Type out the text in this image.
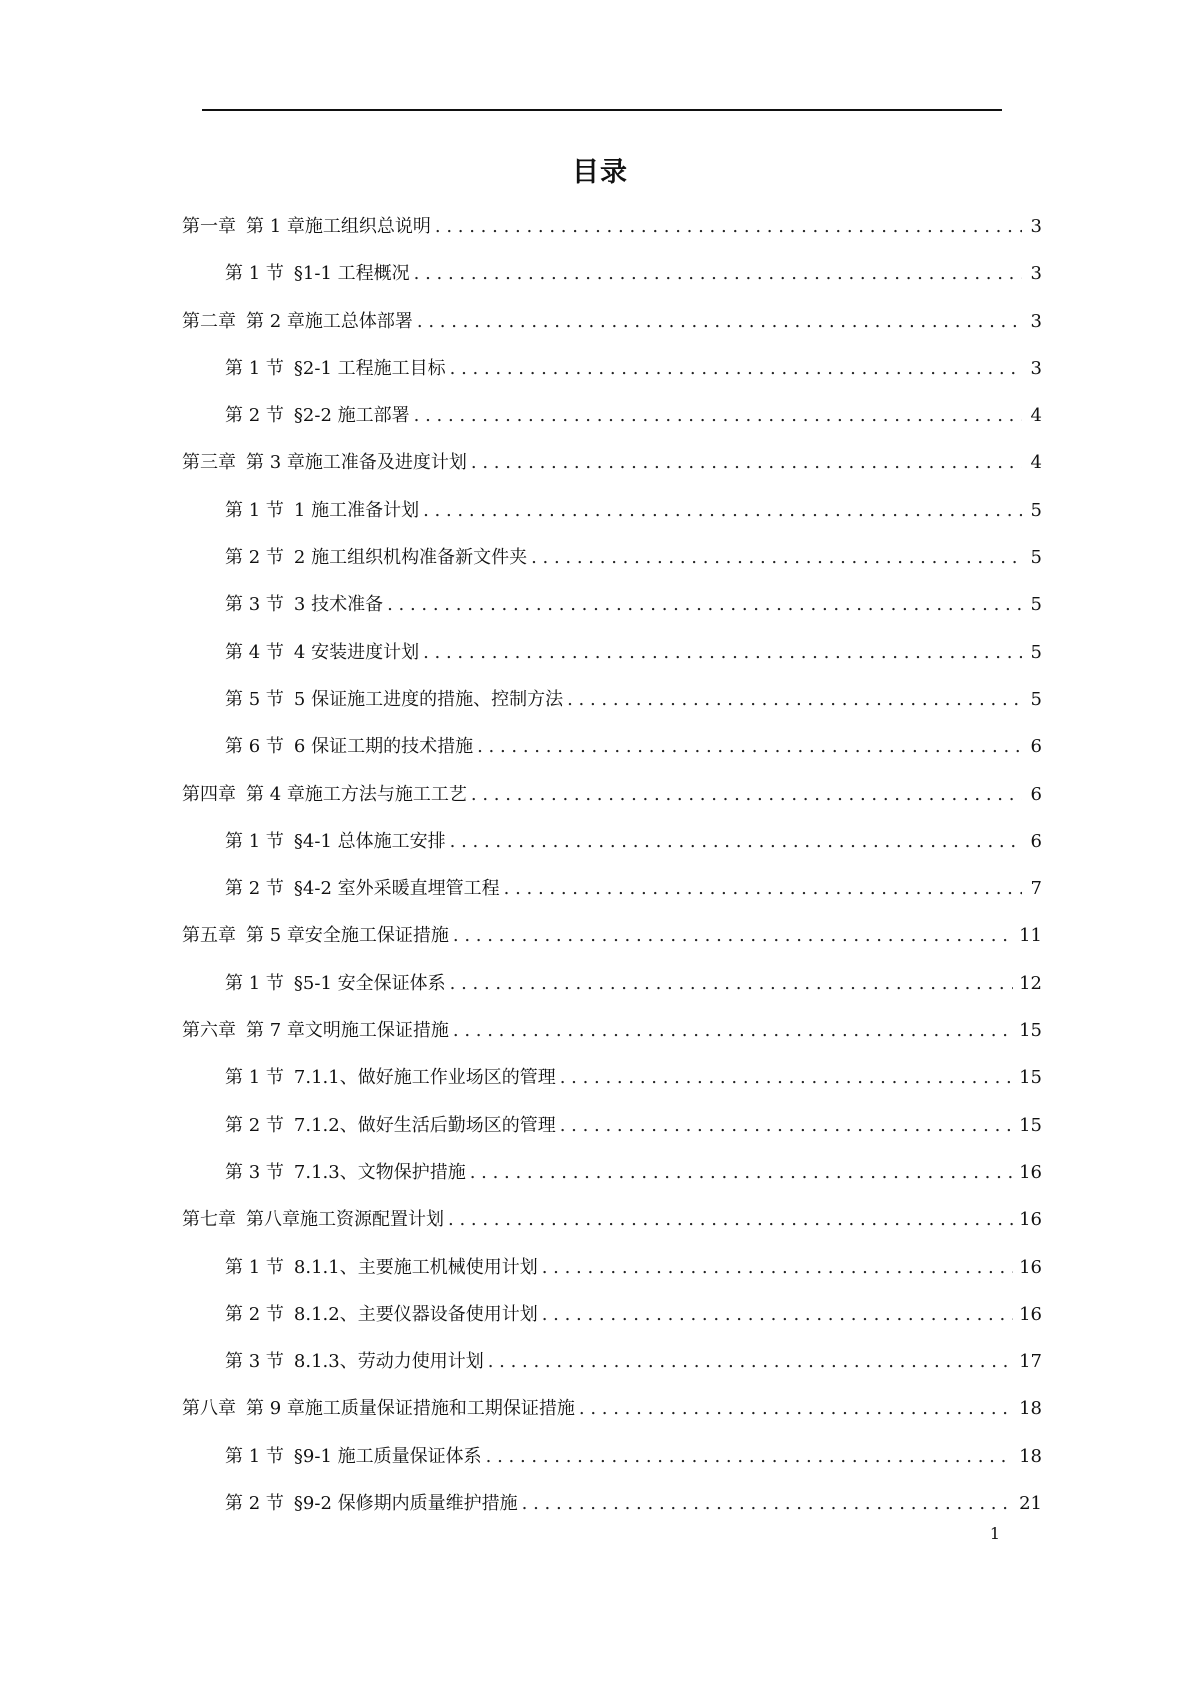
目录
第一章 第 1 章施工组织总说明 . . .	3
第 1 节 §1-1 工程概况 . . .	3
第二章 第 2 章施工总体部署 . . .	3
第 1 节 §2-1 工程施工目标 . . .	3
第 2 节 §2-2 施工部署 . . .	4
第三章 第 3 章施工准备及进度计划 . . .	4
第 1 节 1 施工准备计划 . . .	5
第 2 节 2 施工组织机构准备新文件夹 . . .	5
第 3 节 3 技术准备 . . .	5
第 4 节 4 安装进度计划 . . .	5
第 5 节 5 保证施工进度的措施、控制方法 . . .	5
第 6 节 6 保证工期的技术措施 . . .	6
第四章 第 4 章施工方法与施工工艺 . . .	6
第 1 节 §4-1 总体施工安排 . . .	6
第 2 节 §4-2 室外采暖直埋管工程 . . .	7
第五章 第 5 章安全施工保证措施 . . .	11
第 1 节 §5-1 安全保证体系 . . .	12
第六章 第 7 章文明施工保证措施 . . .	15
第 1 节 7.1.1、做好施工作业场区的管理 . . .	15
第 2 节 7.1.2、做好生活后勤场区的管理 . . .	15
第 3 节 7.1.3、文物保护措施 . . .	16
第七章 第八章施工资源配置计划 . . .	16
第 1 节 8.1.1、主要施工机械使用计划 . . .	16
第 2 节 8.1.2、主要仪器设备使用计划 . . .	16
第 3 节 8.1.3、劳动力使用计划 . . .	17
第八章 第 9 章施工质量保证措施和工期保证措施 . . .	18
第 1 节 §9-1 施工质量保证体系 . . .	18
第 2 节 §9-2 保修期内质量维护措施 . . .	21
1
